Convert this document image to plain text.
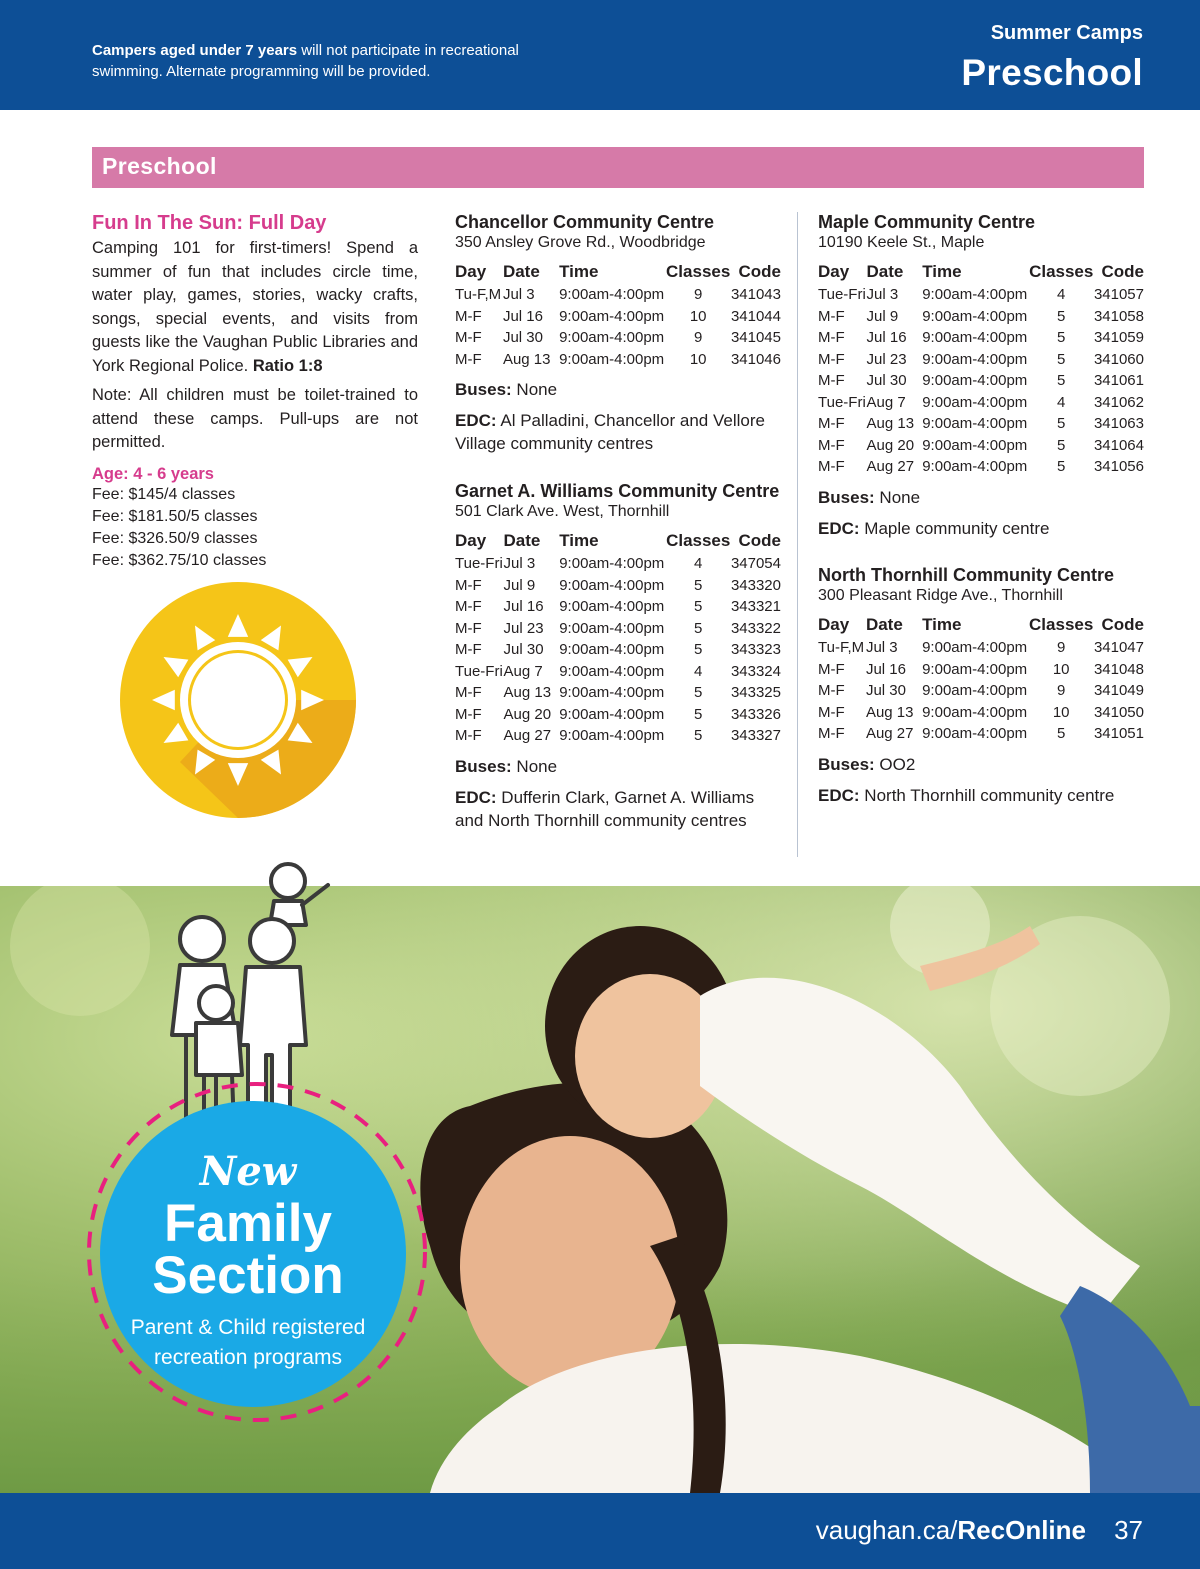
Campers aged under 7 years will not participate in recreational swimming. Alternate programming will be provided.
Summer Camps
Preschool
Preschool
Fun In The Sun: Full Day

Camping 101 for first-timers! Spend a summer of fun that includes circle time, water play, games, stories, wacky crafts, songs, special events, and visits from guests like the Vaughan Public Libraries and York Regional Police. Ratio 1:8

Note: All children must be toilet-trained to attend these camps. Pull-ups are not permitted.

Age: 4 - 6 years
Fee: $145/4 classes
Fee: $181.50/5 classes
Fee: $326.50/9 classes
Fee: $362.75/10 classes
Chancellor Community Centre
350 Ansley Grove Rd., Woodbridge
Day	Date	Time	Classes	Code
Tu-F,M	Jul 3	9:00am-4:00pm	9	341043
M-F	Jul 16	9:00am-4:00pm	10	341044
M-F	Jul 30	9:00am-4:00pm	9	341045
M-F	Aug 13	9:00am-4:00pm	10	341046
Buses: None
EDC: Al Palladini, Chancellor and Vellore Village community centres
Garnet A. Williams Community Centre
501 Clark Ave. West, Thornhill
Day	Date	Time	Classes	Code
Tue-Fri	Jul 3	9:00am-4:00pm	4	347054
M-F	Jul 9	9:00am-4:00pm	5	343320
M-F	Jul 16	9:00am-4:00pm	5	343321
M-F	Jul 23	9:00am-4:00pm	5	343322
M-F	Jul 30	9:00am-4:00pm	5	343323
Tue-Fri	Aug 7	9:00am-4:00pm	4	343324
M-F	Aug 13	9:00am-4:00pm	5	343325
M-F	Aug 20	9:00am-4:00pm	5	343326
M-F	Aug 27	9:00am-4:00pm	5	343327
Buses: None
EDC: Dufferin Clark, Garnet A. Williams and North Thornhill community centres
Maple Community Centre
10190 Keele St., Maple
Day	Date	Time	Classes	Code
Tue-Fri	Jul 3	9:00am-4:00pm	4	341057
M-F	Jul 9	9:00am-4:00pm	5	341058
M-F	Jul 16	9:00am-4:00pm	5	341059
M-F	Jul 23	9:00am-4:00pm	5	341060
M-F	Jul 30	9:00am-4:00pm	5	341061
Tue-Fri	Aug 7	9:00am-4:00pm	4	341062
M-F	Aug 13	9:00am-4:00pm	5	341063
M-F	Aug 20	9:00am-4:00pm	5	341064
M-F	Aug 27	9:00am-4:00pm	5	341056
Buses: None
EDC: Maple community centre
North Thornhill Community Centre
300 Pleasant Ridge Ave., Thornhill
Day	Date	Time	Classes	Code
Tu-F,M	Jul 3	9:00am-4:00pm	9	341047
M-F	Jul 16	9:00am-4:00pm	10	341048
M-F	Jul 30	9:00am-4:00pm	9	341049
M-F	Aug 13	9:00am-4:00pm	10	341050
M-F	Aug 27	9:00am-4:00pm	5	341051
Buses: OO2
EDC: North Thornhill community centre
New
Family
Section
Parent & Child registered recreation programs
vaughan.ca/RecOnline 37
